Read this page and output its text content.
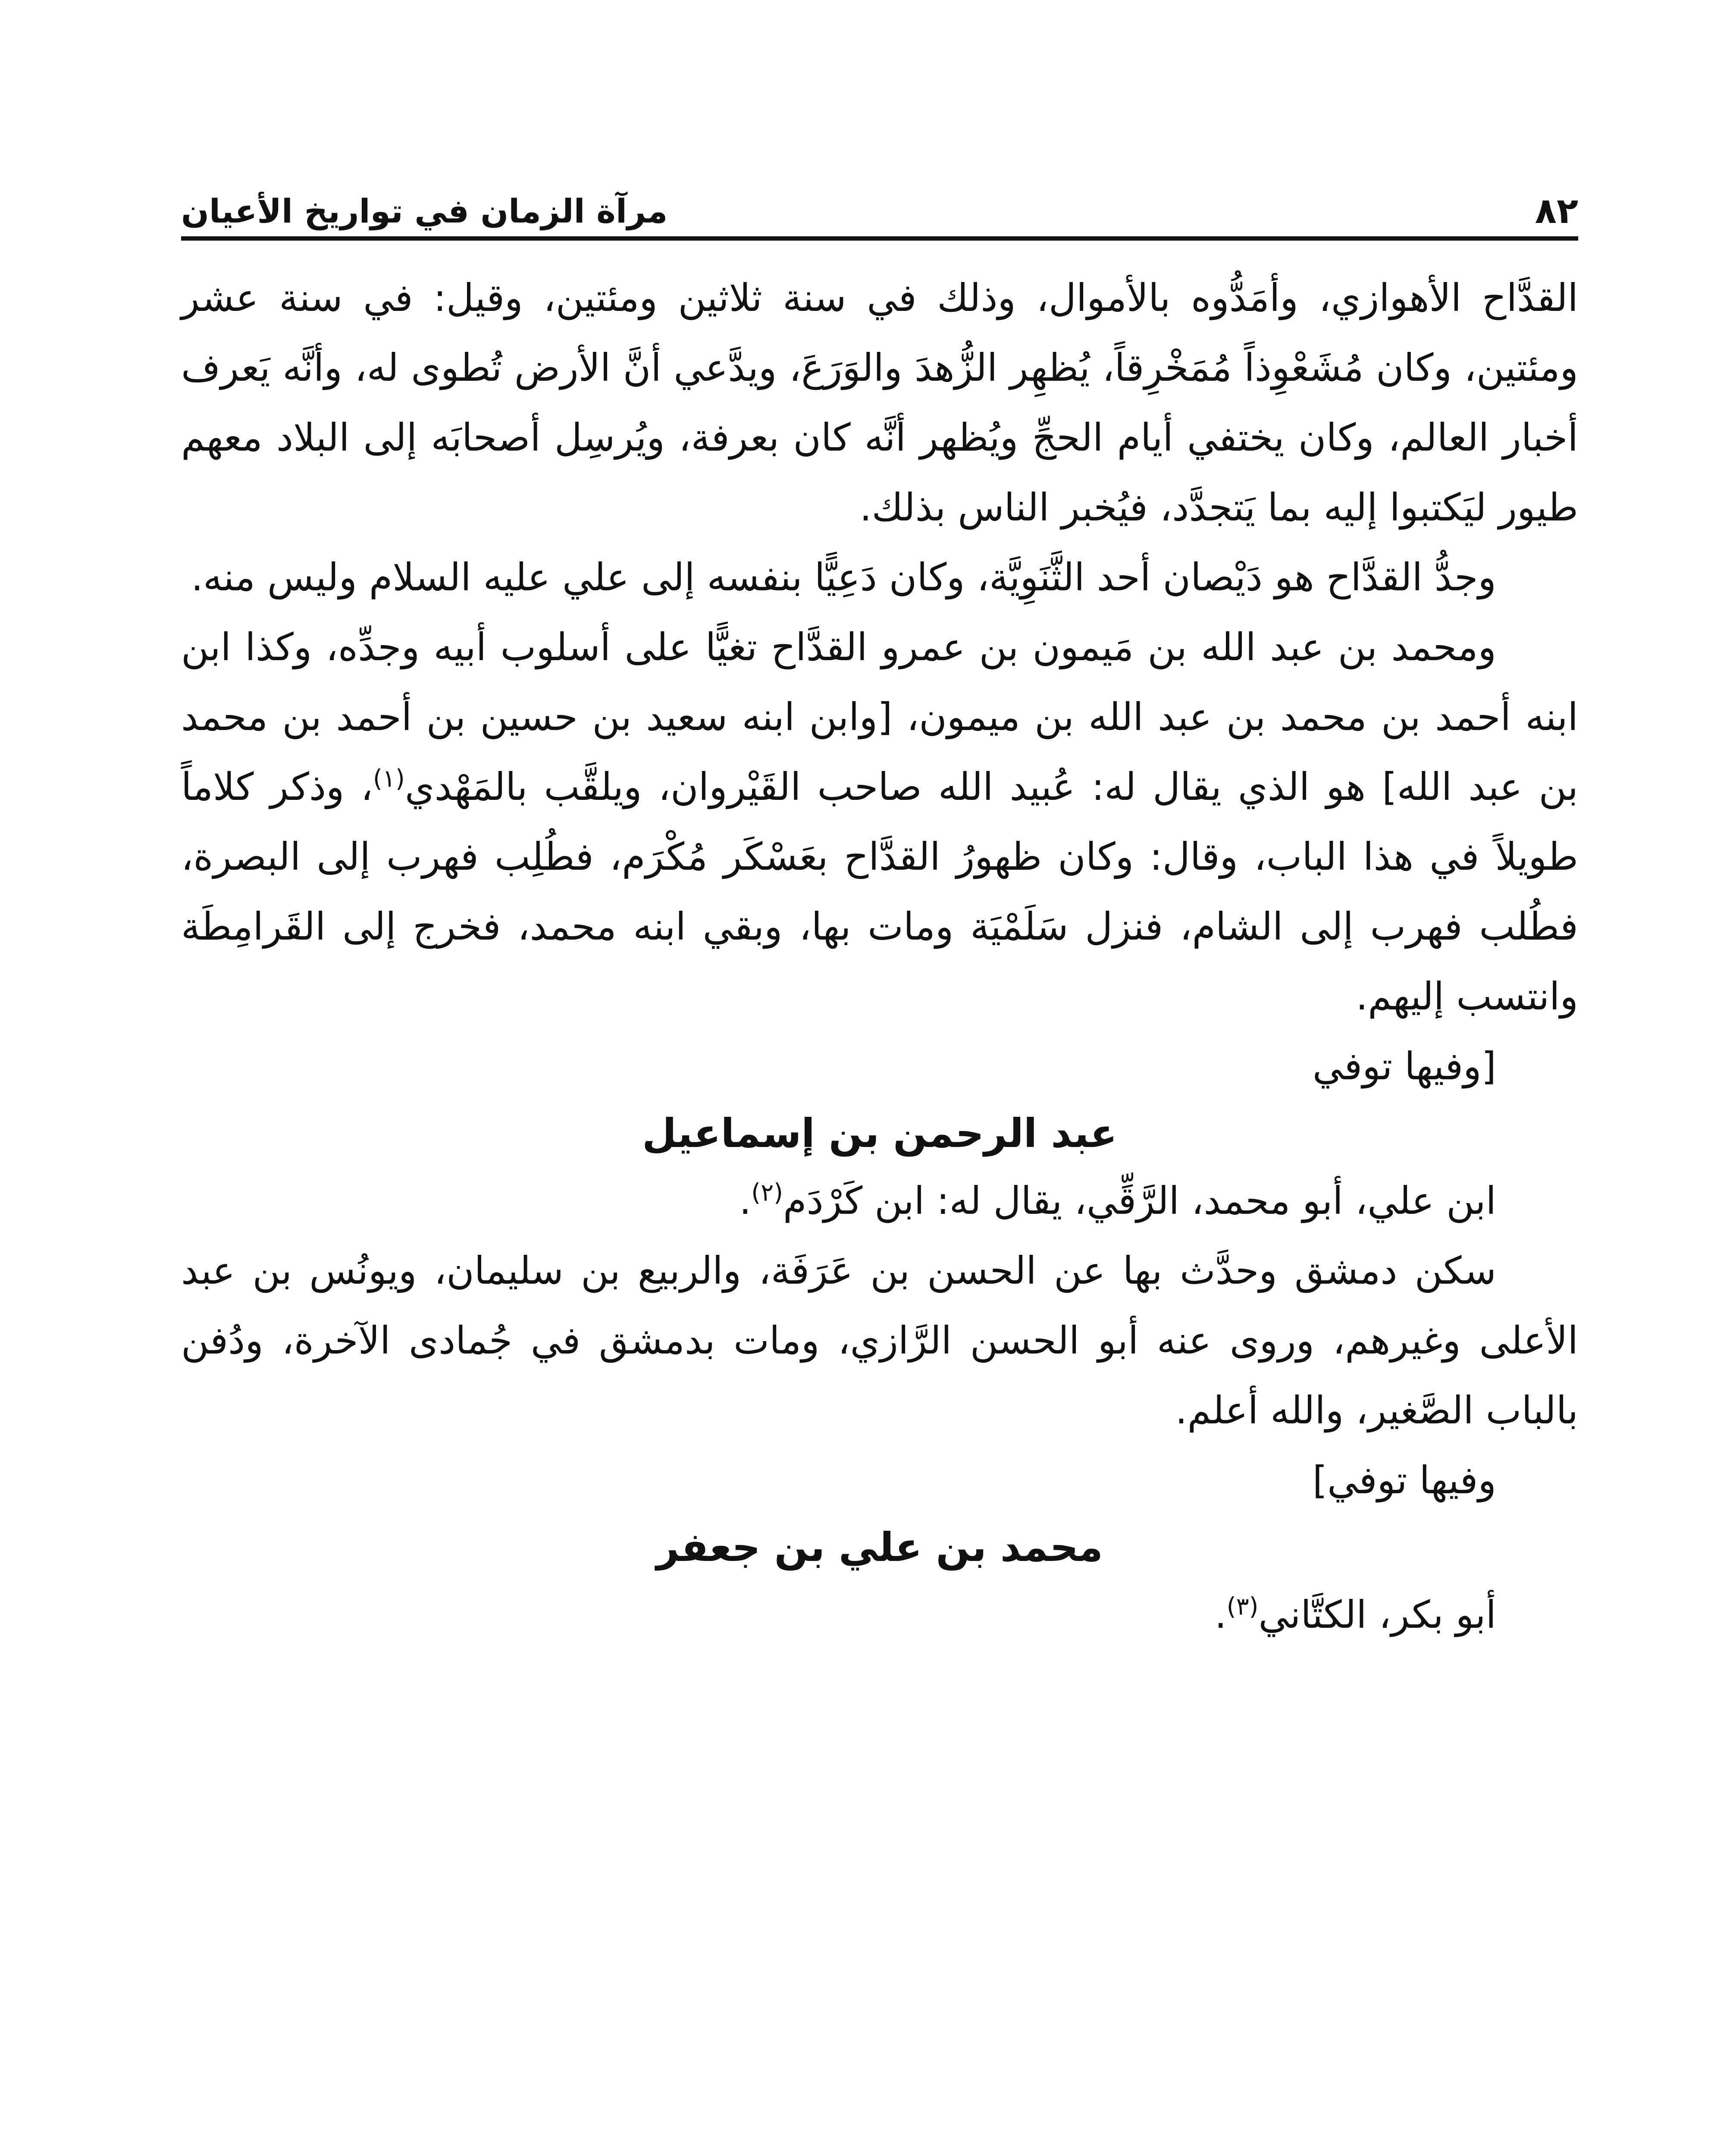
٨٢
مرآة الزمان في تواريخ الأعيان

القدَّاح الأهوازي، وأمَدُّوه بالأموال، وذلك في سنة ثلاثين ومئتين، وقيل: في سنة عشر ومئتين، وكان مُشَعْوِذاً مُمَخْرِقاً، يُظهِر الزُّهدَ والوَرَعَ، ويدَّعي أنَّ الأرض تُطوى له، وأنَّه يَعرف أخبار العالم، وكان يختفي أيام الحجِّ ويُظهر أنَّه كان بعرفة، ويُرسِل أصحابَه إلى البلاد معهم طيور ليَكتبوا إليه بما يَتجدَّد، فيُخبر الناس بذلك.

وجدُّ القدَّاح هو دَيْصان أحد الثَّنَوِيَّة، وكان دَعِيًّا بنفسه إلى علي عليه السلام وليس منه.

ومحمد بن عبد الله بن مَيمون بن عمرو القدَّاح تغيًّا على أسلوب أبيه وجدِّه، وكذا ابن ابنه أحمد بن محمد بن عبد الله بن ميمون، [وابن ابنه سعيد بن حسين بن أحمد بن محمد بن عبد الله] هو الذي يقال له: عُبيد الله صاحب القَيْروان، ويلقَّب بالمَهْدي$^{(١)}$، وذكر كلاماً طويلاً في هذا الباب، وقال: وكان ظهورُ القدَّاح بعَسْكَر مُكْرَم، فطُلِب فهرب إلى البصرة، فطُلب فهرب إلى الشام، فنزل سَلَمْيَة ومات بها، وبقي ابنه محمد، فخرج إلى القَرامِطَة وانتسب إليهم.

[وفيها توفي

عبد الرحمن بن إسماعيل

ابن علي، أبو محمد، الرَّقِّي، يقال له: ابن كَرْدَم$^{(٢)}$.

سكن دمشق وحدَّث بها عن الحسن بن عَرَفَة، والربيع بن سليمان، ويونُس بن عبد الأعلى وغيرهم، وروى عنه أبو الحسن الرَّازي، ومات بدمشق في جُمادى الآخرة، ودُفن بالباب الصَّغير، والله أعلم.

وفيها توفي]

محمد بن علي بن جعفر

أبو بكر، الكتَّاني$^{(٣)}$.
